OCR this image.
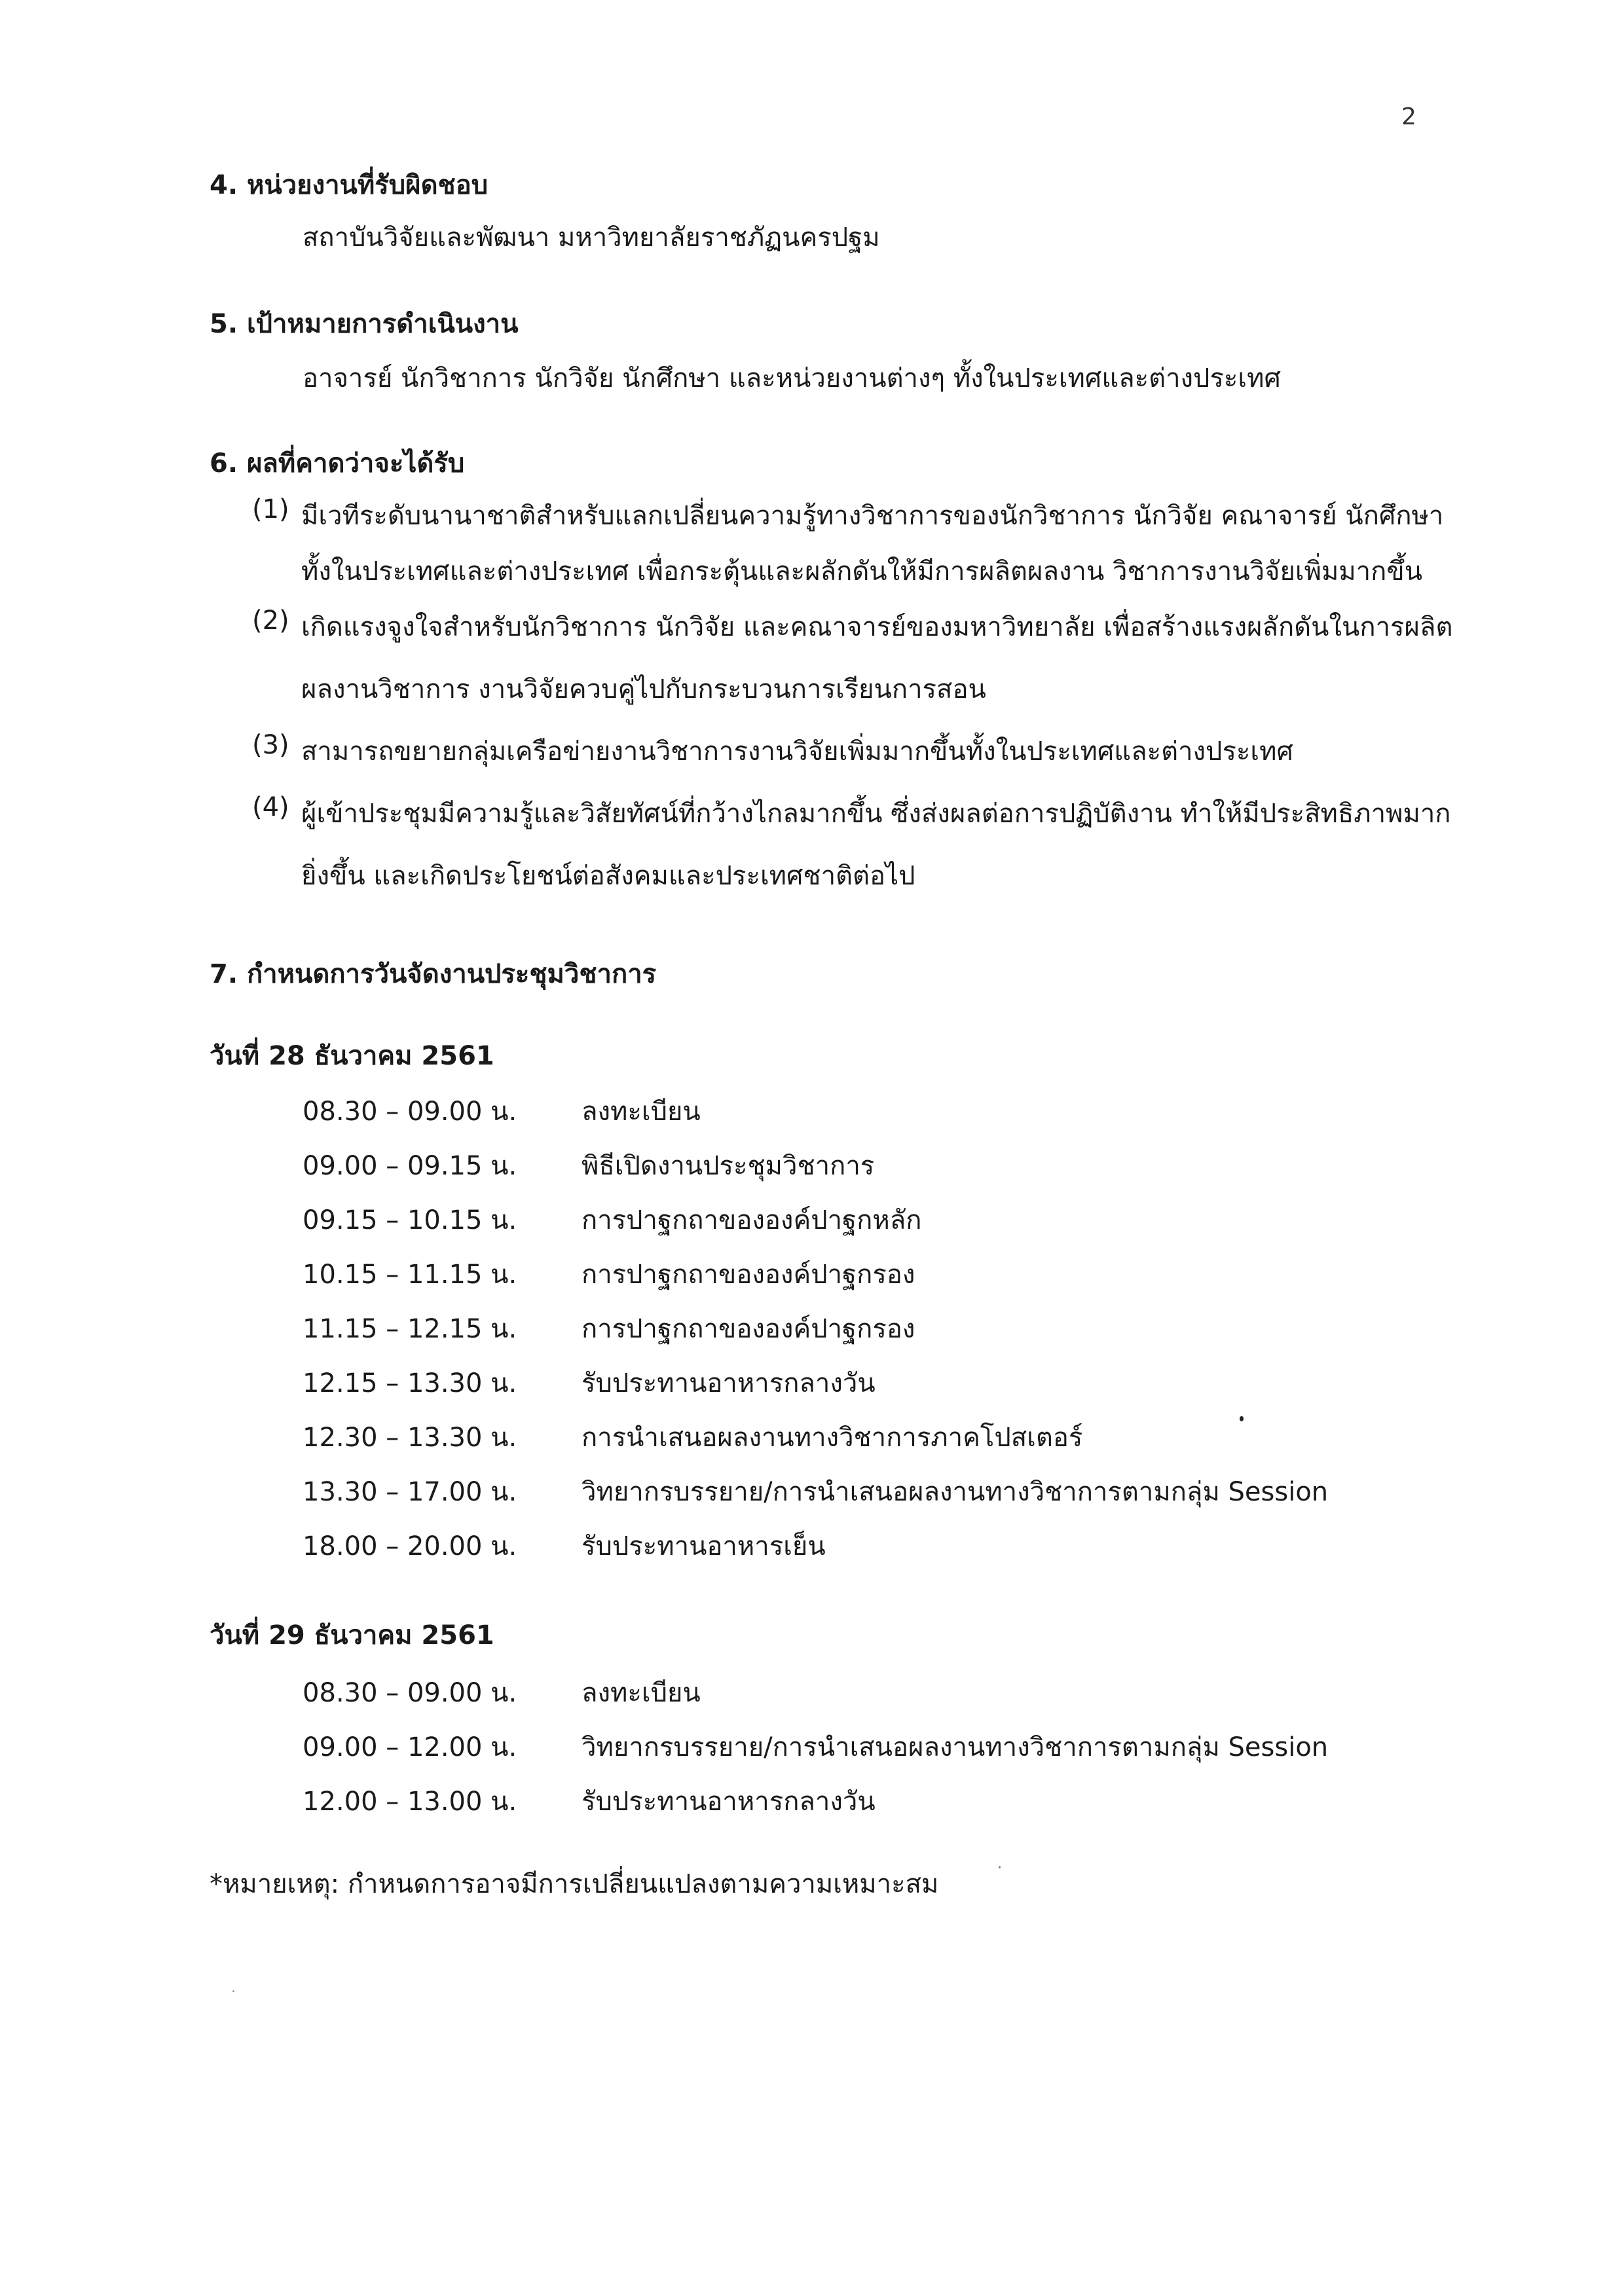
2
4. หน่วยงานที่รับผิดชอบ
สถาบันวิจัยและพัฒนา มหาวิทยาลัยราชภัฏนครปฐม
5. เป้าหมายการดำเนินงาน
อาจารย์ นักวิชาการ นักวิจัย นักศึกษา และหน่วยงานต่างๆ ทั้งในประเทศและต่างประเทศ
6. ผลที่คาดว่าจะได้รับ
(1) มีเวทีระดับนานาชาติสำหรับแลกเปลี่ยนความรู้ทางวิชาการของนักวิชาการ นักวิจัย คณาจารย์ นักศึกษา
ทั้งในประเทศและต่างประเทศ เพื่อกระตุ้นและผลักดันให้มีการผลิตผลงาน วิชาการงานวิจัยเพิ่มมากขึ้น
(2) เกิดแรงจูงใจสำหรับนักวิชาการ นักวิจัย และคณาจารย์ของมหาวิทยาลัย เพื่อสร้างแรงผลักดันในการผลิต
ผลงานวิชาการ งานวิจัยควบคู่ไปกับกระบวนการเรียนการสอน
(3) สามารถขยายกลุ่มเครือข่ายงานวิชาการงานวิจัยเพิ่มมากขึ้นทั้งในประเทศและต่างประเทศ
(4) ผู้เข้าประชุมมีความรู้และวิสัยทัศน์ที่กว้างไกลมากขึ้น ซึ่งส่งผลต่อการปฏิบัติงาน ทำให้มีประสิทธิภาพมาก
ยิ่งขึ้น และเกิดประโยชน์ต่อสังคมและประเทศชาติต่อไป
7. กำหนดการวันจัดงานประชุมวิชาการ
วันที่ 28 ธันวาคม 2561
08.30 – 09.00 น. ลงทะเบียน
09.00 – 09.15 น. พิธีเปิดงานประชุมวิชาการ
09.15 – 10.15 น. การปาฐกถาขององค์ปาฐกหลัก
10.15 – 11.15 น. การปาฐกถาขององค์ปาฐกรอง
11.15 – 12.15 น. การปาฐกถาขององค์ปาฐกรอง
12.15 – 13.30 น. รับประทานอาหารกลางวัน
12.30 – 13.30 น. การนำเสนอผลงานทางวิชาการภาคโปสเตอร์
13.30 – 17.00 น. วิทยากรบรรยาย/การนำเสนอผลงานทางวิชาการตามกลุ่ม Session
18.00 – 20.00 น. รับประทานอาหารเย็น
วันที่ 29 ธันวาคม 2561
08.30 – 09.00 น. ลงทะเบียน
09.00 – 12.00 น. วิทยากรบรรยาย/การนำเสนอผลงานทางวิชาการตามกลุ่ม Session
12.00 – 13.00 น. รับประทานอาหารกลางวัน
*หมายเหตุ: กำหนดการอาจมีการเปลี่ยนแปลงตามความเหมาะสม
